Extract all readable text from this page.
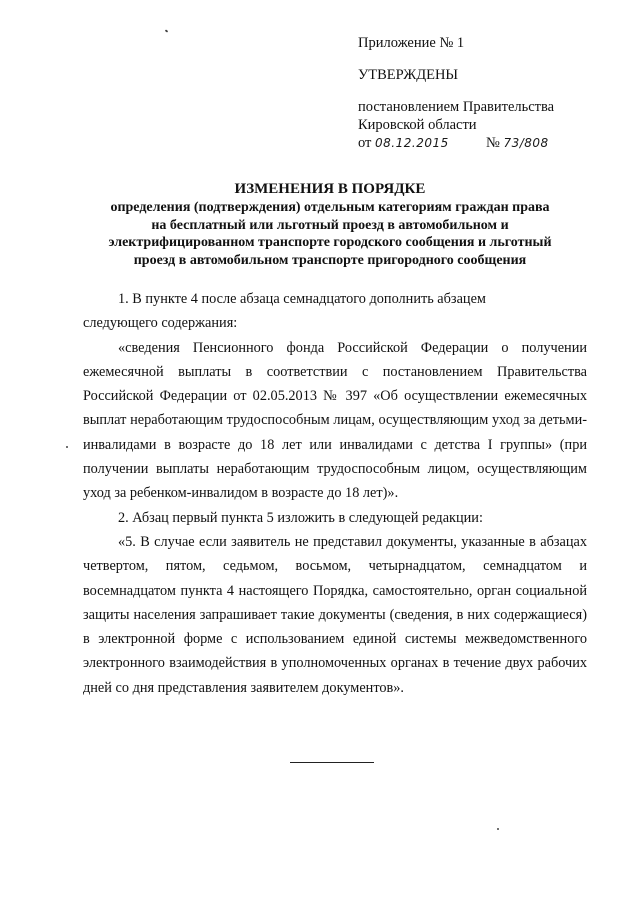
Приложение № 1
УТВЕРЖДЕНЫ
постановлением Правительства
Кировской области
от 08.12.2015	№ 73/808
ИЗМЕНЕНИЯ В ПОРЯДКЕ
определения (подтверждения) отдельным категориям граждан права
на бесплатный или льготный проезд в автомобильном и
электрифицированном транспорте городского сообщения и льготный
проезд в автомобильном транспорте пригородного сообщения

1. В пункте 4 после абзаца семнадцатого дополнить абзацем

следующего содержания:

«сведения Пенсионного фонда Российской Федерации о получении ежемесячной выплаты в соответствии с постановлением Правительства Российской Федерации от 02.05.2013 № 397 «Об осуществлении ежемесячных выплат неработающим трудоспособным лицам, осуществляющим уход за детьми-инвалидами в возрасте до 18 лет или инвалидами с детства I группы» (при получении выплаты неработающим трудоспособным лицом, осуществляющим уход за ребенком-инвалидом в возрасте до 18 лет)».

2. Абзац первый пункта 5 изложить в следующей редакции:

«5. В случае если заявитель не представил документы, указанные в абзацах четвертом, пятом, седьмом, восьмом, четырнадцатом, семнадцатом и восемнадцатом пункта 4 настоящего Порядка, самостоятельно, орган социальной защиты населения запрашивает такие документы (сведения, в них содержащиеся) в электронной форме с использованием единой системы межведомственного электронного взаимодействия в уполномоченных органах в течение двух рабочих дней со дня представления заявителем документов».
